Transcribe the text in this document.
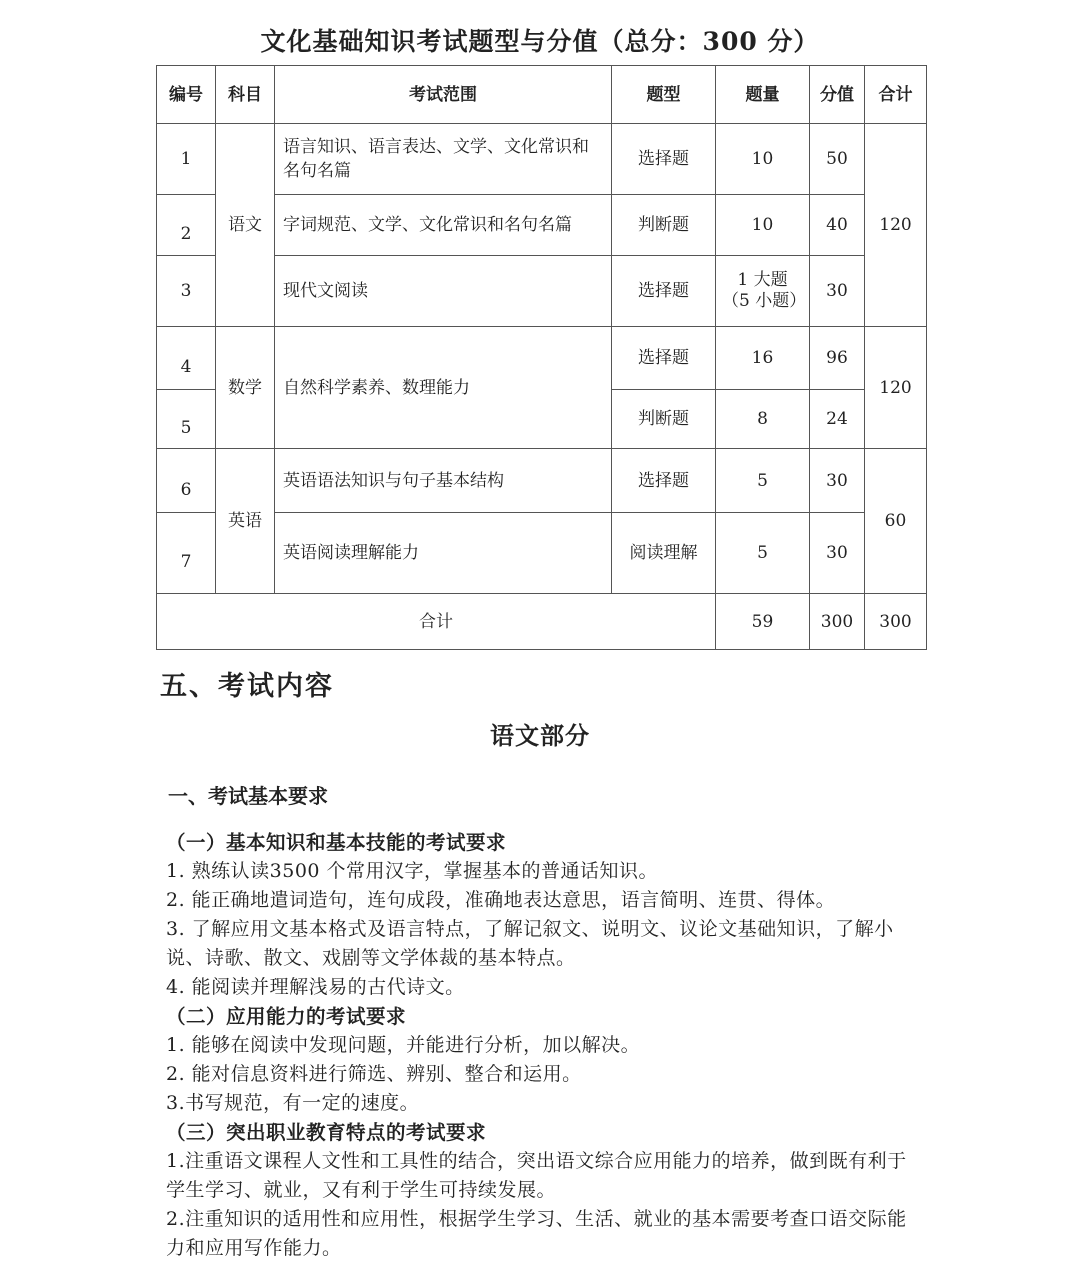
文化基础知识考试题型与分值（总分：300 分）
编号	科目	考试范围	题型	题量	分值	合计
1	语文	语言知识、语言表达、文学、文化常识和名句名篇	选择题	10	50	120
2		字词规范、文学、文化常识和名句名篇	判断题	10	40	
3		现代文阅读	选择题	1 大题 （5 小题）	30	
4	数学	自然科学素养、数理能力	选择题	16	96	120
5			判断题	8	24	
6	英语	英语语法知识与句子基本结构	选择题	5	30	60
7		英语阅读理解能力	阅读理解	5	30	
合计				59	300	300
五、考试内容
语文部分
一、考试基本要求

（一）基本知识和基本技能的考试要求

1. 熟练认读3500 个常用汉字，掌握基本的普通话知识。

2. 能正确地遣词造句，连句成段，准确地表达意思，语言简明、连贯、得体。

3. 了解应用文基本格式及语言特点，了解记叙文、说明文、议论文基础知识，了解小说、诗歌、散文、戏剧等文学体裁的基本特点。

4. 能阅读并理解浅易的古代诗文。

（二）应用能力的考试要求

1. 能够在阅读中发现问题，并能进行分析，加以解决。

2. 能对信息资料进行筛选、辨别、整合和运用。

3.书写规范，有一定的速度。

（三）突出职业教育特点的考试要求

1.注重语文课程人文性和工具性的结合，突出语文综合应用能力的培养，做到既有利于学生学习、就业，又有利于学生可持续发展。

2.注重知识的适用性和应用性，根据学生学习、生活、就业的基本需要考查口语交际能力和应用写作能力。
